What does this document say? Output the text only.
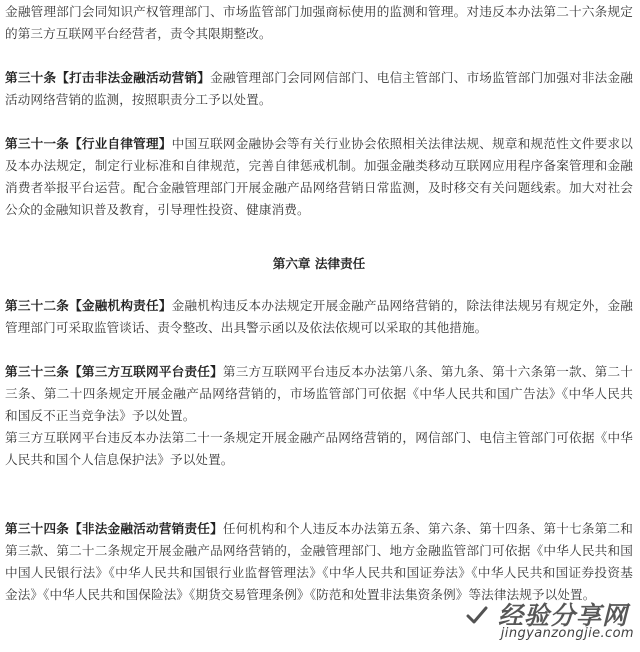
金融管理部门会同知识产权管理部门、市场监管部门加强商标使用的监测和管理。对违反本办法第二十六条规定的第三方互联网平台经营者，责令其限期整改。

第三十条【打击非法金融活动营销】金融管理部门会同网信部门、电信主管部门、市场监管部门加强对非法金融活动网络营销的监测，按照职责分工予以处置。

第三十一条【行业自律管理】中国互联网金融协会等有关行业协会依照相关法律法规、规章和规范性文件要求以及本办法规定，制定行业标准和自律规范，完善自律惩戒机制。加强金融类移动互联网应用程序备案管理和金融消费者举报平台运营。配合金融管理部门开展金融产品网络营销日常监测，及时移交有关问题线索。加大对社会公众的金融知识普及教育，引导理性投资、健康消费。

第六章 法律责任

第三十二条【金融机构责任】金融机构违反本办法规定开展金融产品网络营销的，除法律法规另有规定外，金融管理部门可采取监管谈话、责令整改、出具警示函以及依法依规可以采取的其他措施。

第三十三条【第三方互联网平台责任】第三方互联网平台违反本办法第八条、第九条、第十六条第一款、第二十三条、第二十四条规定开展金融产品网络营销的，市场监管部门可依据《中华人民共和国广告法》《中华人民共和国反不正当竞争法》予以处置。

第三方互联网平台违反本办法第二十一条规定开展金融产品网络营销的，网信部门、电信主管部门可依据《中华人民共和国个人信息保护法》予以处置。

第三十四条【非法金融活动营销责任】任何机构和个人违反本办法第五条、第六条、第十四条、第十七条第二和第三款、第二十二条规定开展金融产品网络营销的，金融管理部门、地方金融监管部门可依据《中华人民共和国中国人民银行法》《中华人民共和国银行业监督管理法》《中华人民共和国证券法》《中华人民共和国证券投资基金法》《中华人民共和国保险法》《期货交易管理条例》《防范和处置非法集资条例》等法律法规予以处置。

经验分享网
jingyanzongjie.com
